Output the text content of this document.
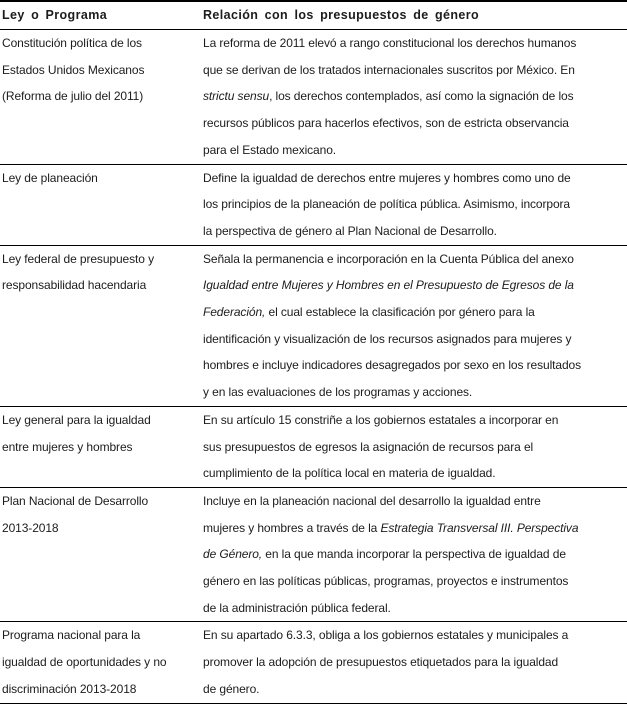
Ley o Programa	Relación con los presupuestos de género
Constitución política de los
Estados Unidos Mexicanos
(Reforma de julio del 2011)
La reforma de 2011 elevó a rango constitucional los derechos humanos
que se derivan de los tratados internacionales suscritos por México. En
strictu sensu, los derechos contemplados, así como la signación de los
recursos públicos para hacerlos efectivos, son de estricta observancia
para el Estado mexicano.
Ley de planeación	Define la igualdad de derechos entre mujeres y hombres como uno de
los principios de la planeación de política pública. Asimismo, incorpora
la perspectiva de género al Plan Nacional de Desarrollo.
Ley federal de presupuesto y
responsabilidad hacendaria
Señala la permanencia e incorporación en la Cuenta Pública del anexo
Igualdad entre Mujeres y Hombres en el Presupuesto de Egresos de la
Federación, el cual establece la clasificación por género para la
identificación y visualización de los recursos asignados para mujeres y
hombres e incluye indicadores desagregados por sexo en los resultados
y en las evaluaciones de los programas y acciones.
Ley general para la igualdad
entre mujeres y hombres
En su artículo 15 constriñe a los gobiernos estatales a incorporar en
sus presupuestos de egresos la asignación de recursos para el
cumplimiento de la política local en materia de igualdad.
Plan Nacional de Desarrollo
2013-2018
Incluye en la planeación nacional del desarrollo la igualdad entre
mujeres y hombres a través de la Estrategia Transversal III. Perspectiva
de Género, en la que manda incorporar la perspectiva de igualdad de
género en las políticas públicas, programas, proyectos e instrumentos
de la administración pública federal.
Programa nacional para la
igualdad de oportunidades y no
discriminación 2013-2018
En su apartado 6.3.3, obliga a los gobiernos estatales y municipales a
promover la adopción de presupuestos etiquetados para la igualdad
de género.
